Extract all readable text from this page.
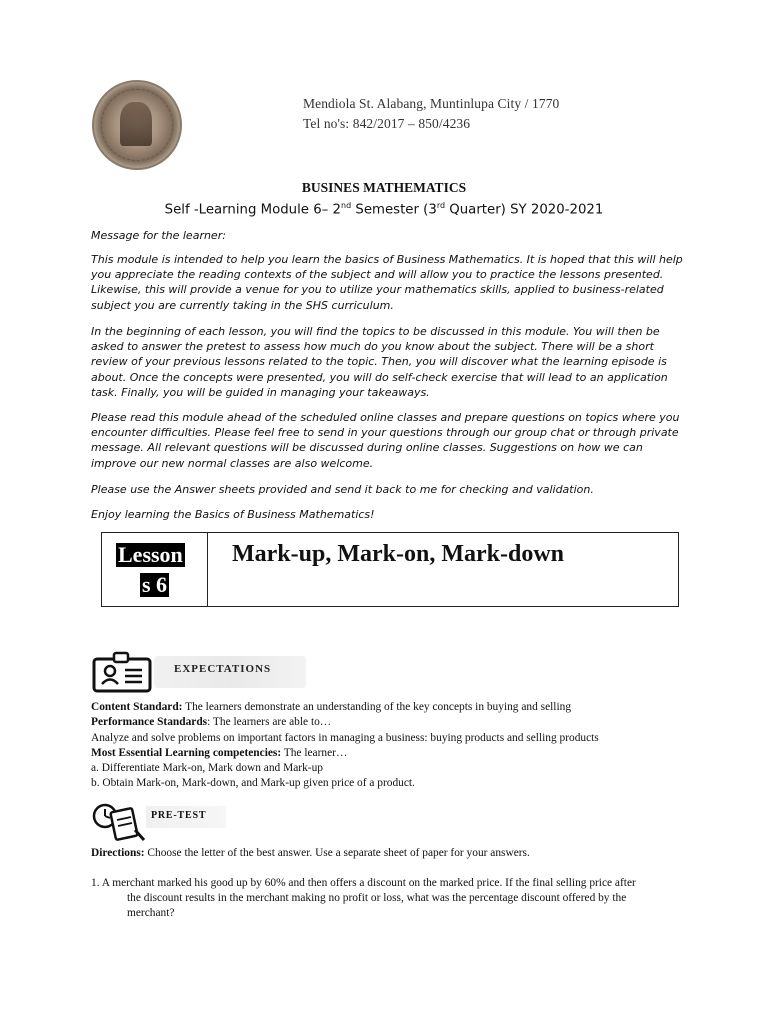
Mendiola St. Alabang, Muntinlupa City / 1770
Tel no's: 842/2017 – 850/4236
BUSINES MATHEMATICS
Self -Learning Module 6– 2nd Semester (3rd Quarter) SY 2020-2021
Message for the learner:

This module is intended to help you learn the basics of Business Mathematics. It is hoped that this will help you appreciate the reading contexts of the subject and will allow you to practice the lessons presented. Likewise, this will provide a venue for you to utilize your mathematics skills, applied to business-related subject you are currently taking in the SHS curriculum.

In the beginning of each lesson, you will find the topics to be discussed in this module. You will then be asked to answer the pretest to assess how much do you know about the subject. There will be a short review of your previous lessons related to the topic. Then, you will discover what the learning episode is about. Once the concepts were presented, you will do self-check exercise that will lead to an application task. Finally, you will be guided in managing your takeaways.

Please read this module ahead of the scheduled online classes and prepare questions on topics where you encounter difficulties. Please feel free to send in your questions through our group chat or through private message. All relevant questions will be discussed during online classes. Suggestions on how we can improve our new normal classes are also welcome.

Please use the Answer sheets provided and send it back to me for checking and validation.

Enjoy learning the Basics of Business Mathematics!

Lesson
s 6
Mark-up, Mark-on, Mark-down
EXPECTATIONS
Content Standard: The learners demonstrate an understanding of the key concepts in buying and selling
Performance Standards: The learners are able to…
Analyze and solve problems on important factors in managing a business: buying products and selling products
Most Essential Learning competencies: The learner…
a. Differentiate Mark-on, Mark down and Mark-up
b. Obtain Mark-on, Mark-down, and Mark-up given price of a product.
PRE-TEST
Directions: Choose the letter of the best answer. Use a separate sheet of paper for your answers.
1. A merchant marked his good up by 60% and then offers a discount on the marked price. If the final selling price after
the discount results in the merchant making no profit or loss, what was the percentage discount offered by the
merchant?
